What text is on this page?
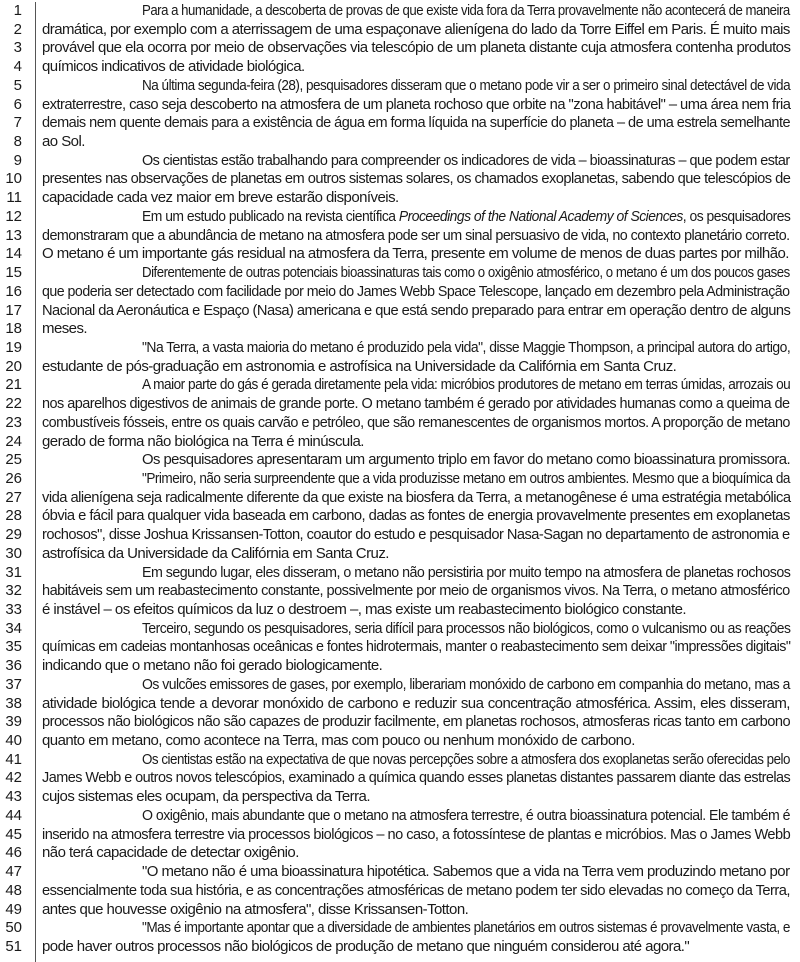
1	Para a humanidade, a descoberta de provas de que existe vida fora da Terra provavelmente não acontecerá de maneira
2 dramática, por exemplo com a aterrissagem de uma espaçonave alienígena do lado da Torre Eiffel em Paris. É muito mais
3 provável que ela ocorra por meio de observações via telescópio de um planeta distante cuja atmosfera contenha produtos
4 químicos indicativos de atividade biológica.
5	Na última segunda-feira (28), pesquisadores disseram que o metano pode vir a ser o primeiro sinal detectável de vida
6 extraterrestre, caso seja descoberto na atmosfera de um planeta rochoso que orbite na "zona habitável" – uma área nem fria
7 demais nem quente demais para a existência de água em forma líquida na superfície do planeta – de uma estrela semelhante
8 ao Sol.
9	Os cientistas estão trabalhando para compreender os indicadores de vida – bioassinaturas – que podem estar
10 presentes nas observações de planetas em outros sistemas solares, os chamados exoplanetas, sabendo que telescópios de
11 capacidade cada vez maior em breve estarão disponíveis.
12	Em um estudo publicado na revista científica Proceedings of the National Academy of Sciences, os pesquisadores
13 demonstraram que a abundância de metano na atmosfera pode ser um sinal persuasivo de vida, no contexto planetário correto.
14 O metano é um importante gás residual na atmosfera da Terra, presente em volume de menos de duas partes por milhão.
15	Diferentemente de outras potenciais bioassinaturas tais como o oxigênio atmosférico, o metano é um dos poucos gases
16 que poderia ser detectado com facilidade por meio do James Webb Space Telescope, lançado em dezembro pela Administração
17 Nacional da Aeronáutica e Espaço (Nasa) americana e que está sendo preparado para entrar em operação dentro de alguns
18 meses.
19	"Na Terra, a vasta maioria do metano é produzido pela vida", disse Maggie Thompson, a principal autora do artigo,
20 estudante de pós-graduação em astronomia e astrofísica na Universidade da Califórnia em Santa Cruz.
21	A maior parte do gás é gerada diretamente pela vida: micróbios produtores de metano em terras úmidas, arrozais ou
22 nos aparelhos digestivos de animais de grande porte. O metano também é gerado por atividades humanas como a queima de
23 combustíveis fósseis, entre os quais carvão e petróleo, que são remanescentes de organismos mortos. A proporção de metano
24 gerado de forma não biológica na Terra é minúscula.
25	Os pesquisadores apresentaram um argumento triplo em favor do metano como bioassinatura promissora.
26	"Primeiro, não seria surpreendente que a vida produzisse metano em outros ambientes. Mesmo que a bioquímica da
27 vida alienígena seja radicalmente diferente da que existe na biosfera da Terra, a metanogênese é uma estratégia metabólica
28 óbvia e fácil para qualquer vida baseada em carbono, dadas as fontes de energia provavelmente presentes em exoplanetas
29 rochosos", disse Joshua Krissansen-Totton, coautor do estudo e pesquisador Nasa-Sagan no departamento de astronomia e
30 astrofísica da Universidade da Califórnia em Santa Cruz.
31	Em segundo lugar, eles disseram, o metano não persistiria por muito tempo na atmosfera de planetas rochosos
32 habitáveis sem um reabastecimento constante, possivelmente por meio de organismos vivos. Na Terra, o metano atmosférico
33 é instável – os efeitos químicos da luz o destroem –, mas existe um reabastecimento biológico constante.
34	Terceiro, segundo os pesquisadores, seria difícil para processos não biológicos, como o vulcanismo ou as reações
35 químicas em cadeias montanhosas oceânicas e fontes hidrotermais, manter o reabastecimento sem deixar "impressões digitais"
36 indicando que o metano não foi gerado biologicamente.
37	Os vulcões emissores de gases, por exemplo, liberariam monóxido de carbono em companhia do metano, mas a
38 atividade biológica tende a devorar monóxido de carbono e reduzir sua concentração atmosférica. Assim, eles disseram,
39 processos não biológicos não são capazes de produzir facilmente, em planetas rochosos, atmosferas ricas tanto em carbono
40 quanto em metano, como acontece na Terra, mas com pouco ou nenhum monóxido de carbono.
41	Os cientistas estão na expectativa de que novas percepções sobre a atmosfera dos exoplanetas serão oferecidas pelo
42 James Webb e outros novos telescópios, examinado a química quando esses planetas distantes passarem diante das estrelas
43 cujos sistemas eles ocupam, da perspectiva da Terra.
44	O oxigênio, mais abundante que o metano na atmosfera terrestre, é outra bioassinatura potencial. Ele também é
45 inserido na atmosfera terrestre via processos biológicos – no caso, a fotossíntese de plantas e micróbios. Mas o James Webb
46 não terá capacidade de detectar oxigênio.
47	"O metano não é uma bioassinatura hipotética. Sabemos que a vida na Terra vem produzindo metano por
48 essencialmente toda sua história, e as concentrações atmosféricas de metano podem ter sido elevadas no começo da Terra,
49 antes que houvesse oxigênio na atmosfera", disse Krissansen-Totton.
50	"Mas é importante apontar que a diversidade de ambientes planetários em outros sistemas é provavelmente vasta, e
51 pode haver outros processos não biológicos de produção de metano que ninguém considerou até agora."
